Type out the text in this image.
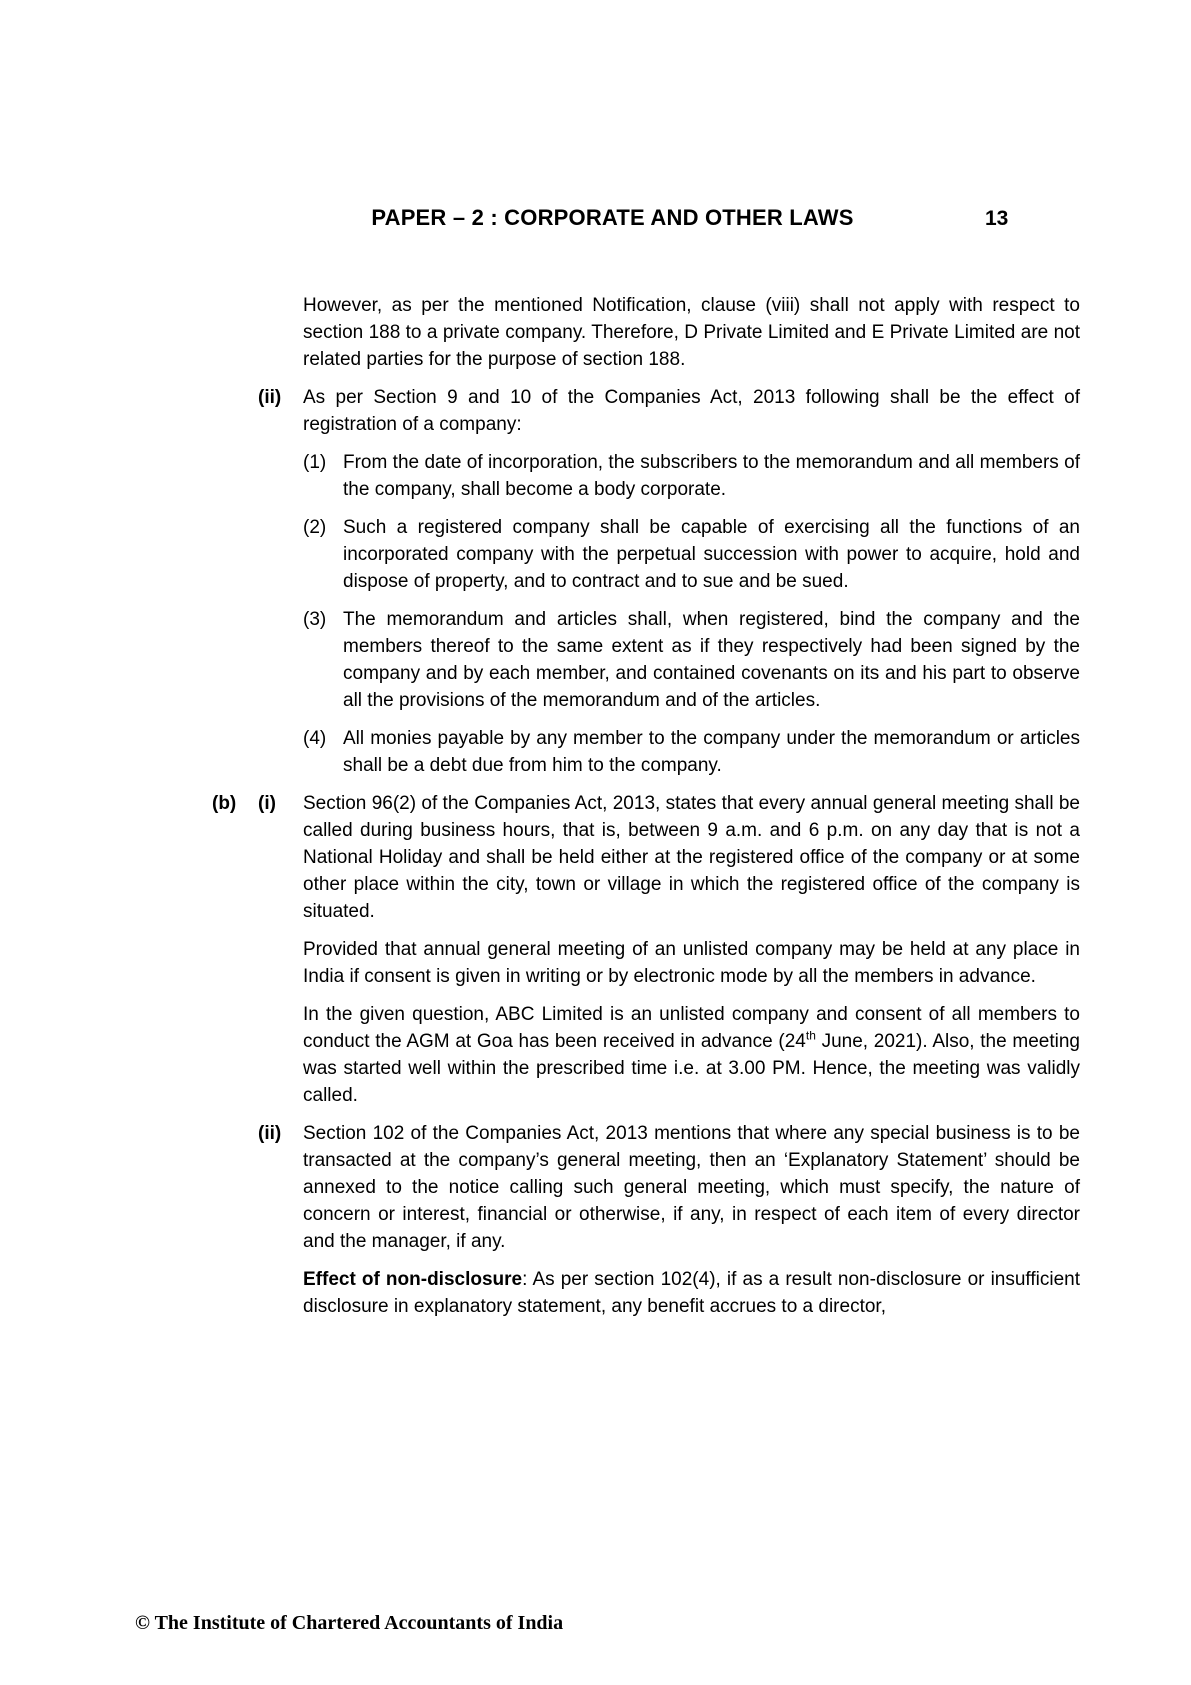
PAPER – 2 : CORPORATE AND OTHER LAWS	13
However, as per the mentioned Notification, clause (viii) shall not apply with respect to section 188 to a private company. Therefore, D Private Limited and E Private Limited are not related parties for the purpose of section 188.
(ii) As per Section 9 and 10 of the Companies Act, 2013 following shall be the effect of registration of a company:
(1) From the date of incorporation, the subscribers to the memorandum and all members of the company, shall become a body corporate.
(2) Such a registered company shall be capable of exercising all the functions of an incorporated company with the perpetual succession with power to acquire, hold and dispose of property, and to contract and to sue and be sued.
(3) The memorandum and articles shall, when registered, bind the company and the members thereof to the same extent as if they respectively had been signed by the company and by each member, and contained covenants on its and his part to observe all the provisions of the memorandum and of the articles.
(4) All monies payable by any member to the company under the memorandum or articles shall be a debt due from him to the company.
(b) (i) Section 96(2) of the Companies Act, 2013, states that every annual general meeting shall be called during business hours, that is, between 9 a.m. and 6 p.m. on any day that is not a National Holiday and shall be held either at the registered office of the company or at some other place within the city, town or village in which the registered office of the company is situated.
Provided that annual general meeting of an unlisted company may be held at any place in India if consent is given in writing or by electronic mode by all the members in advance.
In the given question, ABC Limited is an unlisted company and consent of all members to conduct the AGM at Goa has been received in advance (24th June, 2021). Also, the meeting was started well within the prescribed time i.e. at 3.00 PM. Hence, the meeting was validly called.
(ii) Section 102 of the Companies Act, 2013 mentions that where any special business is to be transacted at the company’s general meeting, then an ‘Explanatory Statement’ should be annexed to the notice calling such general meeting, which must specify, the nature of concern or interest, financial or otherwise, if any, in respect of each item of every director and the manager, if any.
Effect of non-disclosure: As per section 102(4), if as a result non-disclosure or insufficient disclosure in explanatory statement, any benefit accrues to a director,
© The Institute of Chartered Accountants of India
